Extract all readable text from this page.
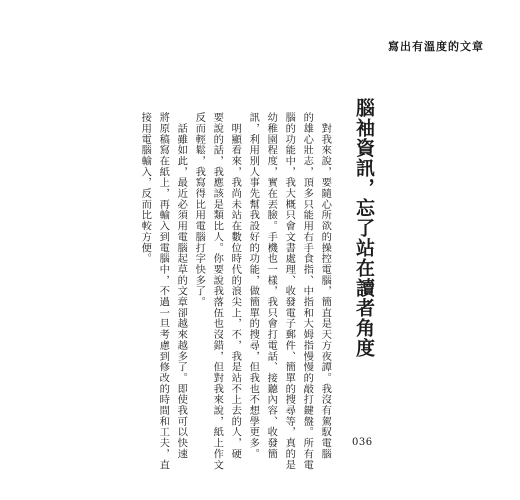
寫出有溫度的文章
腦袖資訊，忘了站在讀者角度
　對我來說，要隨心所欲的操控電腦，簡直是天方夜譚。我沒有駕馭電腦
的雄心壯志，頂多只能用右手食指、中指和大姆指慢慢的敲打鍵盤。所有電
腦的功能中，我大概只會文書處理、收發電子郵件、簡單的搜尋等，真的是
幼稚園程度，實在丟臉。手機也一樣，我只會打電話、接聽內容、收發簡
訊，利用別人事先幫我設好的功能，做簡單的搜尋，但我也不想學更多。
　明顯看來，我尚未站在數位時代的浪尖上，不，我是站不上去的人，硬
要說的話，我應該是類比人。你要說我落伍也沒錯，但對我來說，紙上作文
反而輕鬆，我寫得比用電腦打字快多了。
　話雖如此，最近必須用電腦起草的文章卻越來越多了。即使我可以快速
將原稿寫在紙上，再輸入到電腦中，不過一旦考慮到修改的時間和工夫，直
接用電腦輸入，反而比較方便。
036
